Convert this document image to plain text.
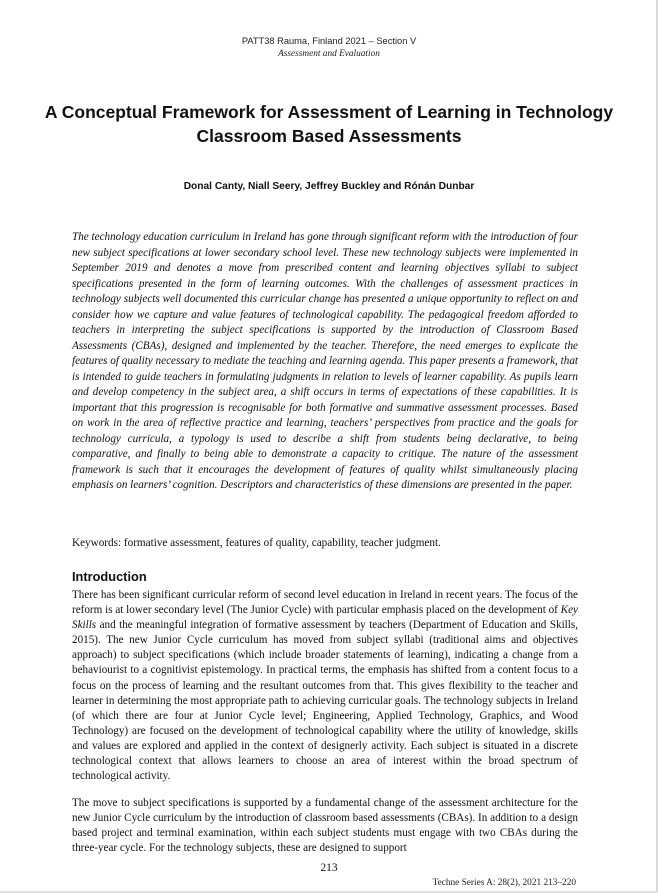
PATT38 Rauma, Finland 2021 – Section V
Assessment and Evaluation
A Conceptual Framework for Assessment of Learning in Technology Classroom Based Assessments
Donal Canty, Niall Seery, Jeffrey Buckley and Rónán Dunbar

The technology education curriculum in Ireland has gone through significant reform with the introduction of four new subject specifications at lower secondary school level. These new technology subjects were implemented in September 2019 and denotes a move from prescribed content and learning objectives syllabi to subject specifications presented in the form of learning outcomes. With the challenges of assessment practices in technology subjects well documented this curricular change has presented a unique opportunity to reflect on and consider how we capture and value features of technological capability. The pedagogical freedom afforded to teachers in interpreting the subject specifications is supported by the introduction of Classroom Based Assessments (CBAs), designed and implemented by the teacher. Therefore, the need emerges to explicate the features of quality necessary to mediate the teaching and learning agenda. This paper presents a framework, that is intended to guide teachers in formulating judgments in relation to levels of learner capability. As pupils learn and develop competency in the subject area, a shift occurs in terms of expectations of these capabilities. It is important that this progression is recognisable for both formative and summative assessment processes. Based on work in the area of reflective practice and learning, teachers’ perspectives from practice and the goals for technology curricula, a typology is used to describe a shift from students being declarative, to being comparative, and finally to being able to demonstrate a capacity to critique. The nature of the assessment framework is such that it encourages the development of features of quality whilst simultaneously placing emphasis on learners’ cognition. Descriptors and characteristics of these dimensions are presented in the paper.

Keywords: formative assessment, features of quality, capability, teacher judgment.

Introduction

There has been significant curricular reform of second level education in Ireland in recent years. The focus of the reform is at lower secondary level (The Junior Cycle) with particular emphasis placed on the development of Key Skills and the meaningful integration of formative assessment by teachers (Department of Education and Skills, 2015). The new Junior Cycle curriculum has moved from subject syllabi (traditional aims and objectives approach) to subject specifications (which include broader statements of learning), indicating a change from a behaviourist to a cognitivist epistemology. In practical terms, the emphasis has shifted from a content focus to a focus on the process of learning and the resultant outcomes from that. This gives flexibility to the teacher and learner in determining the most appropriate path to achieving curricular goals. The technology subjects in Ireland (of which there are four at Junior Cycle level; Engineering, Applied Technology, Graphics, and Wood Technology) are focused on the development of technological capability where the utility of knowledge, skills and values are explored and applied in the context of designerly activity. Each subject is situated in a discrete technological context that allows learners to choose an area of interest within the broad spectrum of technological activity.

The move to subject specifications is supported by a fundamental change of the assessment architecture for the new Junior Cycle curriculum by the introduction of classroom based assessments (CBAs). In addition to a design based project and terminal examination, within each subject students must engage with two CBAs during the three-year cycle. For the technology subjects, these are designed to support

213
Techne Series A: 28(2), 2021 213–220
